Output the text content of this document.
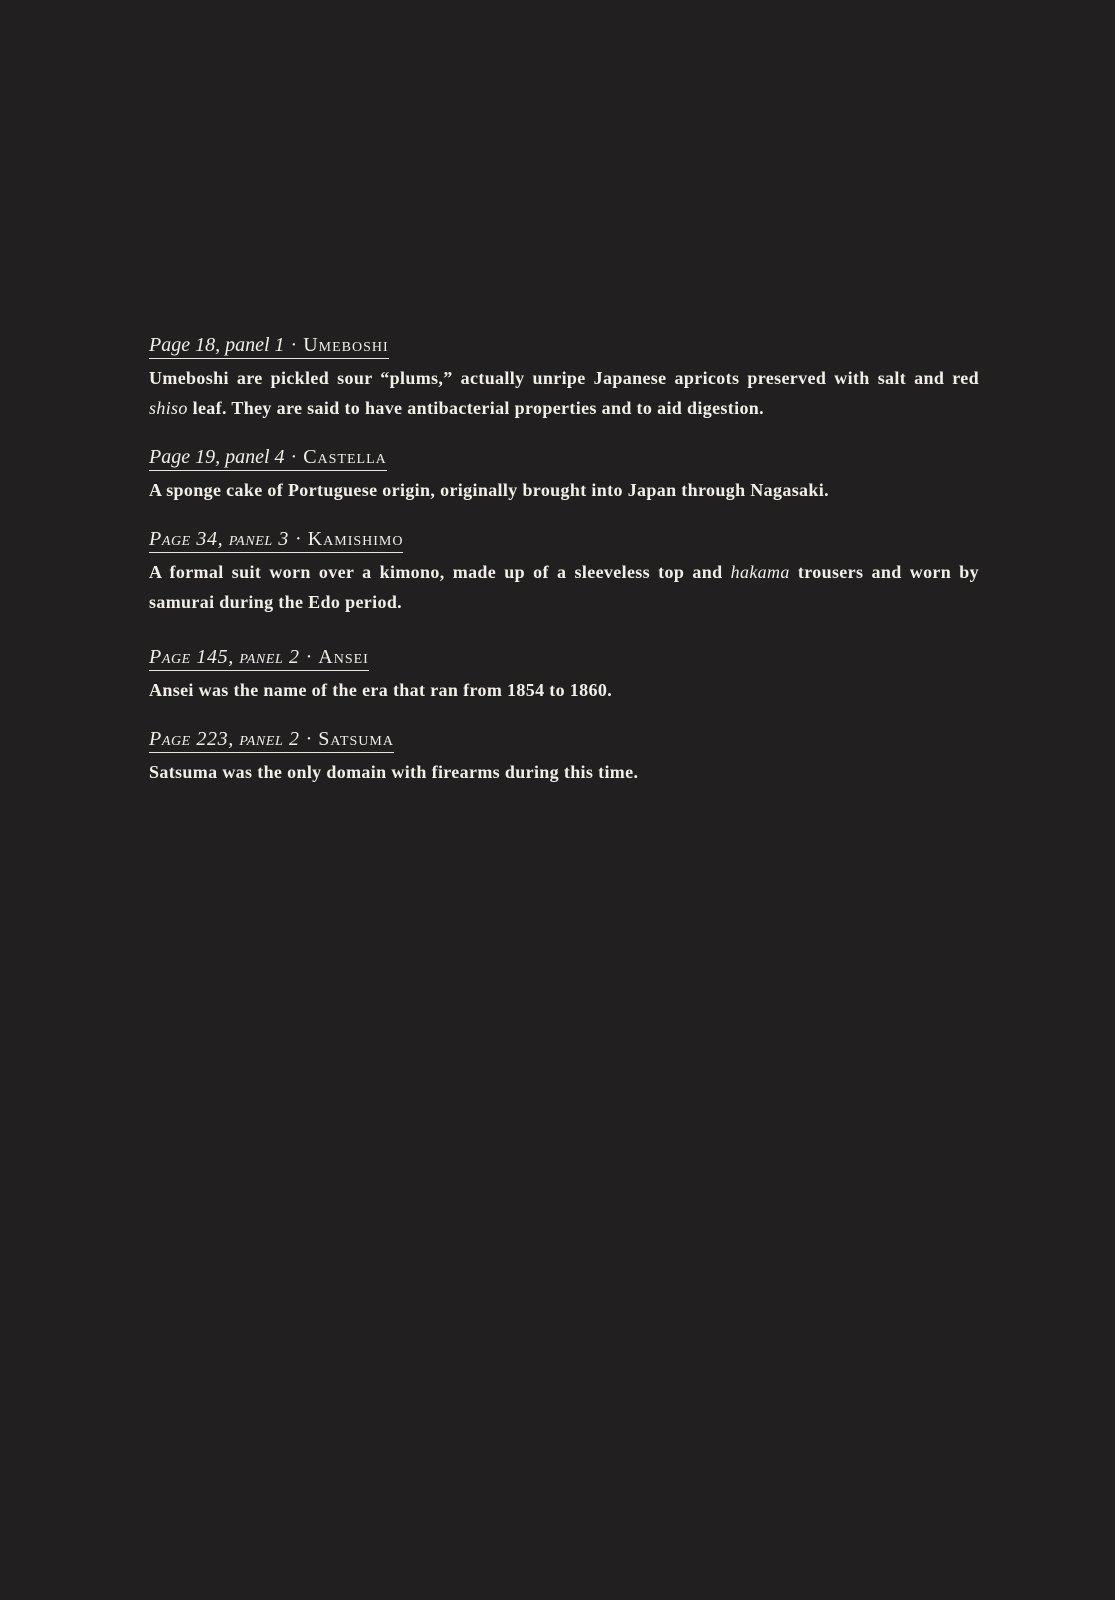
Page 18, panel 1 · Umeboshi

Umeboshi are pickled sour “plums,” actually unripe Japanese apricots preserved with salt and red shiso leaf. They are said to have antibacterial properties and to aid digestion.

Page 19, panel 4 · Castella

A sponge cake of Portuguese origin, originally brought into Japan through Nagasaki.

Page 34, panel 3 · Kamishimo

A formal suit worn over a kimono, made up of a sleeveless top and hakama trousers and worn by samurai during the Edo period.

Page 145, panel 2 · Ansei

Ansei was the name of the era that ran from 1854 to 1860.

Page 223, panel 2 · Satsuma

Satsuma was the only domain with firearms during this time.
